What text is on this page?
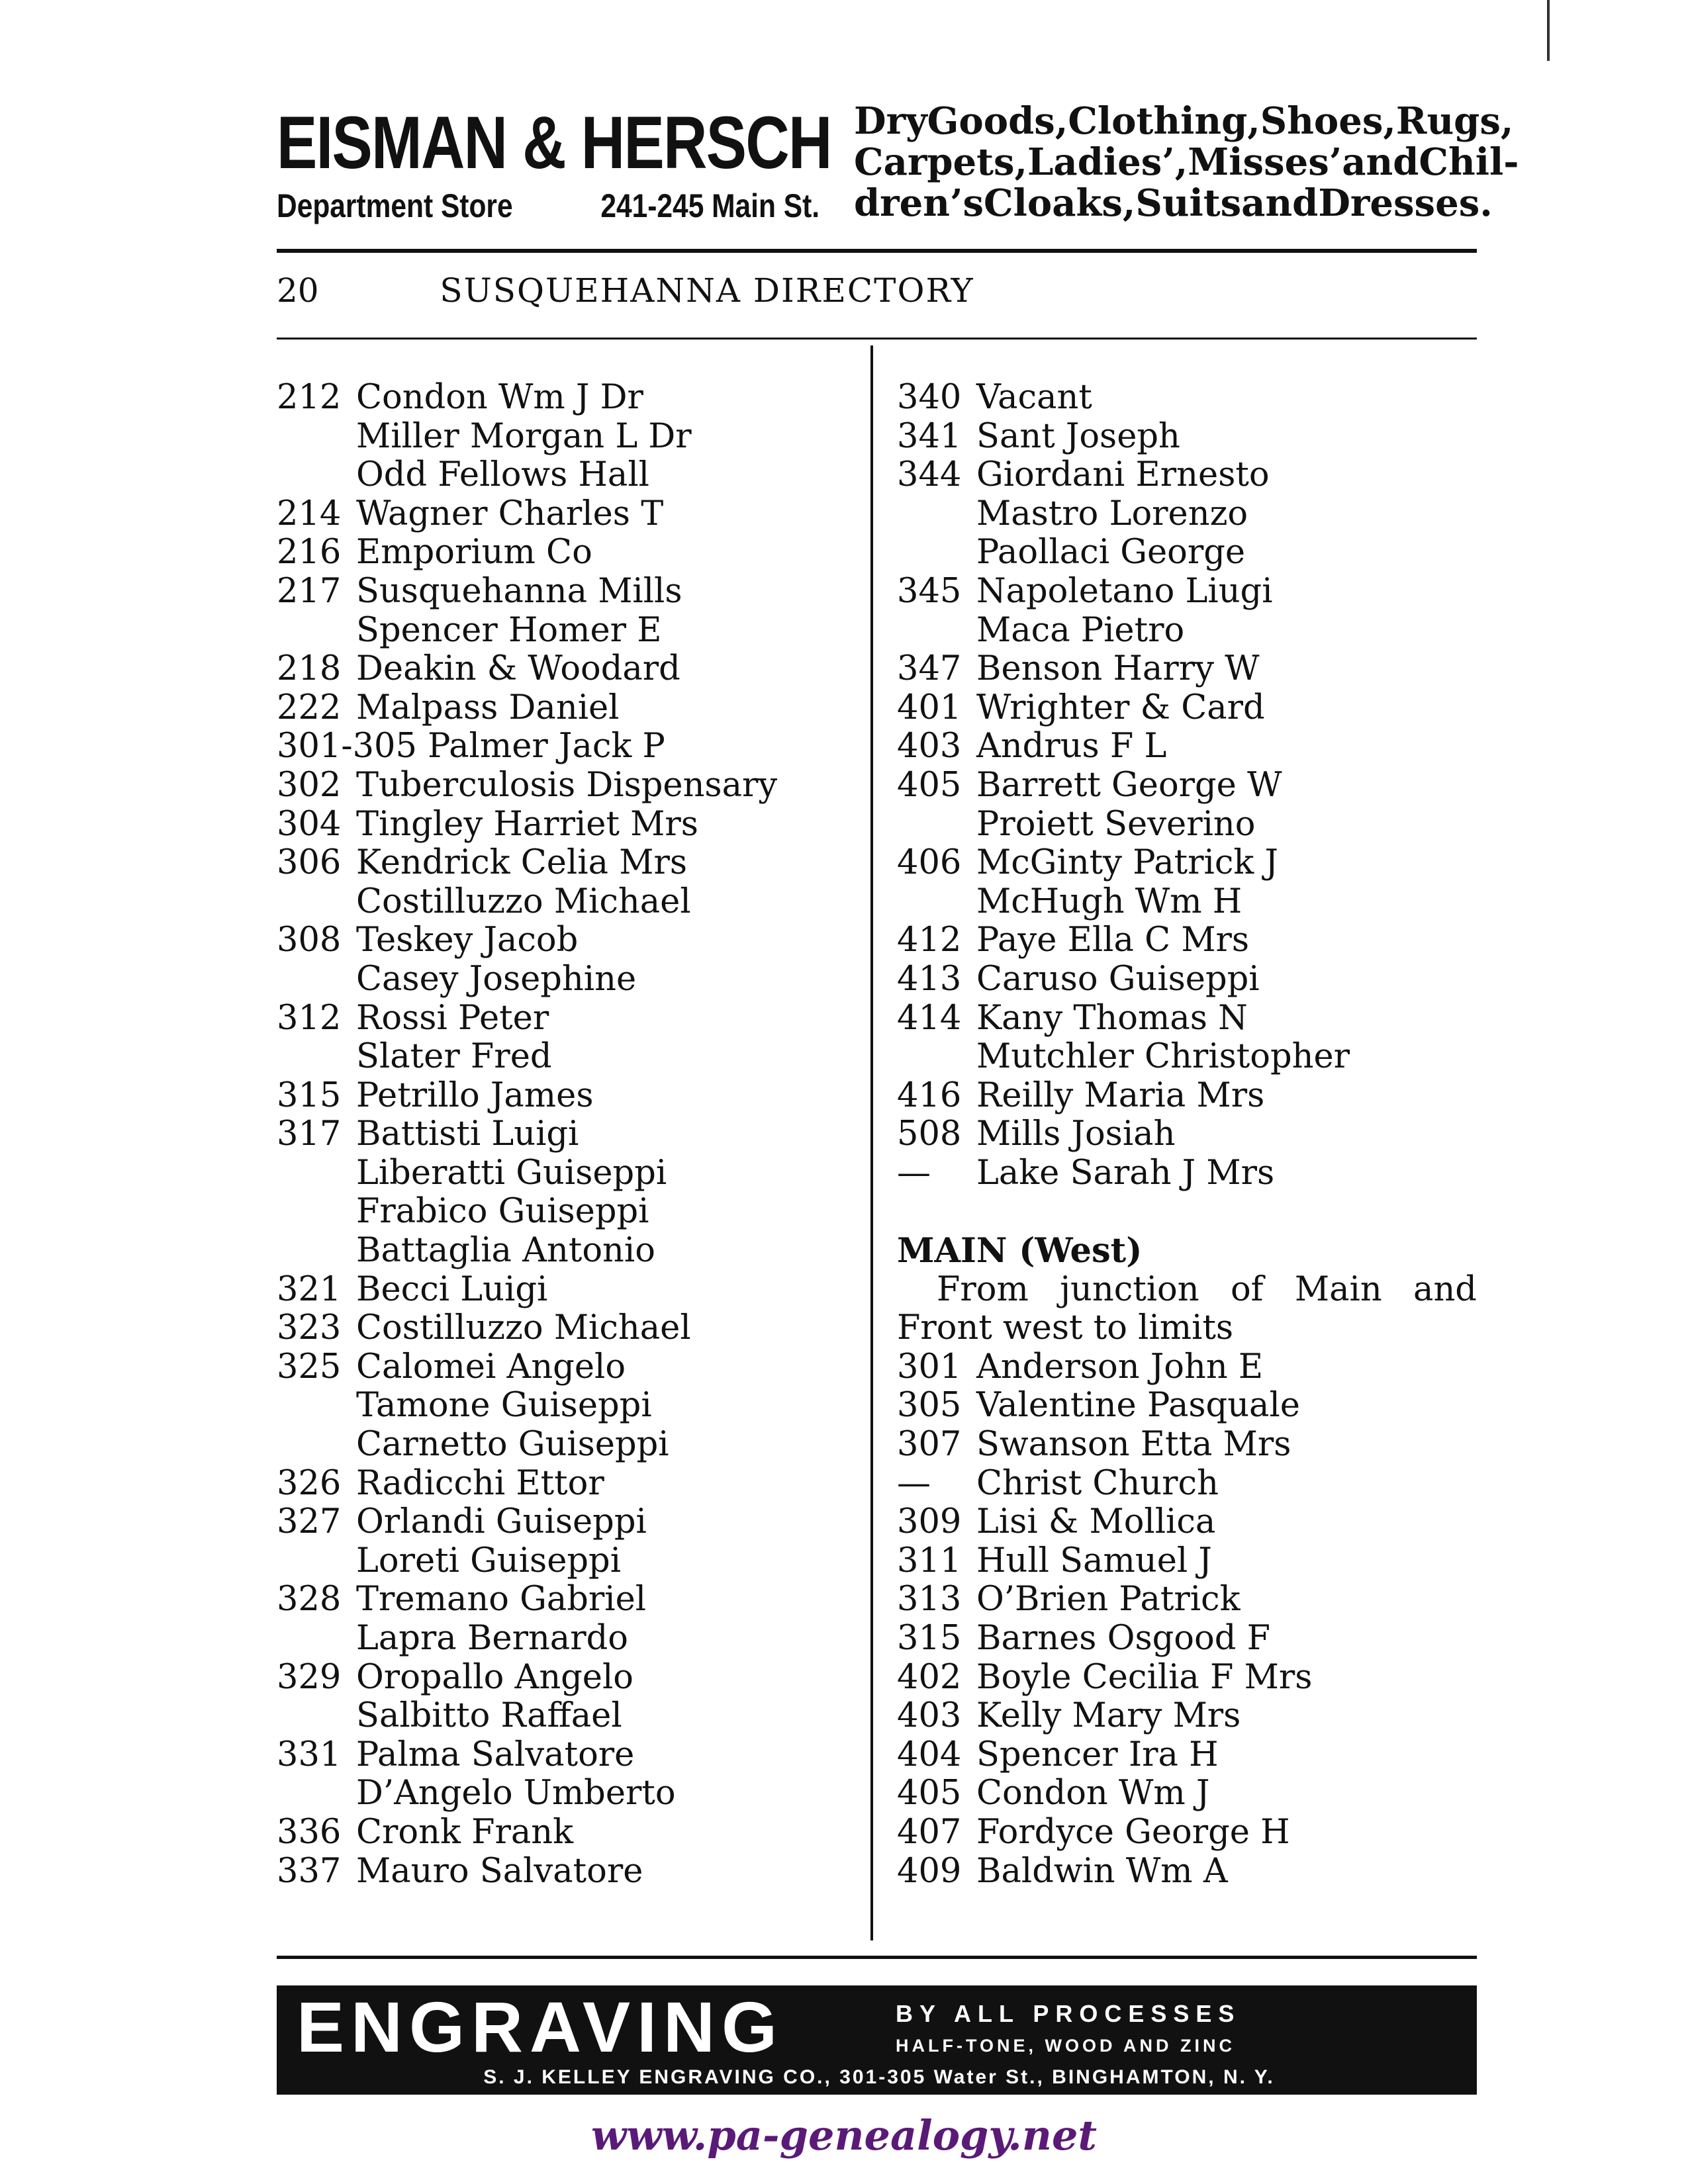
EISMAN & HERSCH
Department Store	241-245 Main St.
Dry Goods, Clothing, Shoes, Rugs,
Carpets, Ladies’, Misses’ and Chil-
dren’s Cloaks, Suits and Dresses.
20	SUSQUEHANNA DIRECTORY
212 Condon Wm J Dr
Miller Morgan L Dr
Odd Fellows Hall
214 Wagner Charles T
216 Emporium Co
217 Susquehanna Mills
Spencer Homer E
218 Deakin & Woodard
222 Malpass Daniel
301-305 Palmer Jack P
302 Tuberculosis Dispensary
304 Tingley Harriet Mrs
306 Kendrick Celia Mrs
Costilluzzo Michael
308 Teskey Jacob
Casey Josephine
312 Rossi Peter
Slater Fred
315 Petrillo James
317 Battisti Luigi
Liberatti Guiseppi
Frabico Guiseppi
Battaglia Antonio
321 Becci Luigi
323 Costilluzzo Michael
325 Calomei Angelo
Tamone Guiseppi
Carnetto Guiseppi
326 Radicchi Ettor
327 Orlandi Guiseppi
Loreti Guiseppi
328 Tremano Gabriel
Lapra Bernardo
329 Oropallo Angelo
Salbitto Raffael
331 Palma Salvatore
D’Angelo Umberto
336 Cronk Frank
337 Mauro Salvatore
340 Vacant
341 Sant Joseph
344 Giordani Ernesto
Mastro Lorenzo
Paollaci George
345 Napoletano Liugi
Maca Pietro
347 Benson Harry W
401 Wrighter & Card
403 Andrus F L
405 Barrett George W
Proiett Severino
406 McGinty Patrick J
McHugh Wm H
412 Paye Ella C Mrs
413 Caruso Guiseppi
414 Kany Thomas N
Mutchler Christopher
416 Reilly Maria Mrs
508 Mills Josiah
— Lake Sarah J Mrs
MAIN (West)
From junction of Main and
Front west to limits
301 Anderson John E
305 Valentine Pasquale
307 Swanson Etta Mrs
— Christ Church
309 Lisi & Mollica
311 Hull Samuel J
313 O’Brien Patrick
315 Barnes Osgood F
402 Boyle Cecilia F Mrs
403 Kelly Mary Mrs
404 Spencer Ira H
405 Condon Wm J
407 Fordyce George H
409 Baldwin Wm A
ENGRAVING	BY ALL PROCESSES
HALF-TONE, WOOD AND ZINC
S. J. KELLEY ENGRAVING CO., 301-305 Water St., BINGHAMTON, N. Y.
www.pa-genealogy.net
